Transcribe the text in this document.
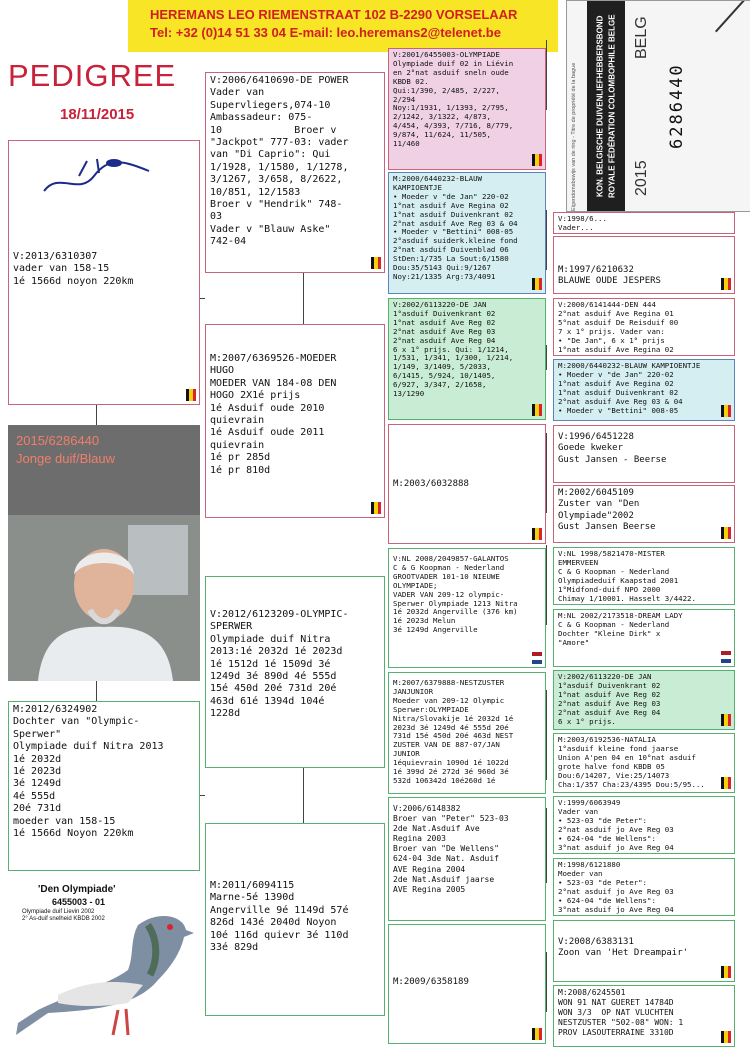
HEREMANS LEO RIEMENSTRAAT 102 B-2290 VORSELAAR
Tel: +32 (0)14 51 33 04 E-mail: leo.heremans2@telenet.be
PEDIGREE
18/11/2015	Eigendomsbewijs van de ring - Titre de propriété de la bague	KON. BELGISCHE DUIVENLIEFHEBBERSBOND ROYALE FÉDÉRATION COLOMBOPHILE BELGE 2015
BELG
6286440
V:2013/6310307
vader van 158-15
1é 1566d noyon 220km
2015/6286440
Jonge duif/Blauw
M:2012/6324902
Dochter van "Olympic-
Sperwer"
Olympiade duif Nitra 2013
1é 2032d
1é 2023d
3é 1249d
4é 555d
20é 731d
moeder van 158-15
1é 1566d Noyon 220km
'Den Olympiade'
6455003 - 01
Olympiade duif Lievin 2002
2° As-duif snelheid KBDB 2002
V:2006/6410690-DE POWER
Vader van
Supervliegers,074-10
Ambassadeur: 075-
10            Broer v
"Jackpot" 777-03: vader
van "Di Caprio": Qui
1/1928, 1/1580, 1/1278,
3/1267, 3/658, 8/2622,
10/851, 12/1583
Broer v "Hendrik" 748-
03
Vader v "Blauw Aske"
742-04
M:2007/6369526-MOEDER
HUGO
MOEDER VAN 184-08 DEN
HOGO 2X1é prijs
1é Asduif oude 2010
quievrain
1é Asduif oude 2011
quievrain
1é pr 285d
1é pr 810d
V:2012/6123209-OLYMPIC-
SPERWER
Olympiade duif Nitra
2013:1é 2032d 1é 2023d
1é 1512d 1é 1509d 3é
1249d 3é 890d 4é 555d
15é 450d 20é 731d 20é
463d 61é 1394d 104é
1228d
M:2011/6094115
Marne-5é 1390d
Angerville 9é 1149d 57é
826d 143é 2040d Noyon
10é 116d quievr 3é 110d
33é 829d
V:2001/6455003-OLYMPIADE
Olympiade duif 02 in Liévin
en 2°nat asduif sneln oude
KBDB 02.
Qui:1/390, 2/485, 2/227,
2/294
Noy:1/1931, 1/1393, 2/795,
2/1242, 3/1322, 4/873,
4/454, 4/393, 7/716, 8/779,
9/874, 11/624, 11/505,
11/460
M:2000/6440232-BLAUW
KAMPIOENTJE
• Moeder v "de Jan" 220-02
1°nat asduif Ave Regina 02
1°nat asduif Duivenkrant 02
2°nat asduif Ave Reg 03 & 04
• Moeder v "Bettini" 008-05
2°asduif suiderk.kleine fond
2°nat asduif Duivenblad 06
StDen:1/735 La Sout:6/1580
Dou:35/5143 Qui:9/1267
Noy:21/1335 Arg:73/4091
V:2002/6113220-DE JAN
1°asduif Duivenkrant 02
1°nat asduif Ave Reg 02
2°nat asduif Ave Reg 03
2°nat asduif Ave Reg 04
6 x 1° prijs. Qui: 1/1214,
1/531, 1/341, 1/300, 1/214,
1/149, 3/1409, 5/2033,
6/1415, 5/924, 10/1405,
6/927, 3/347, 2/1658,
13/1290
M:2003/6032888
V:NL 2008/2049857-GALANTOS
C & G Koopman - Nederland
GROOTVADER 101-10 NIEUWE
OLYMPIADE;
VADER VAN 209-12 olympic-
Sperwer Olympiade 1213 Nitra
1é 2032d Angerville (376 km)
1é 2023d Melun
3é 1249d Angerville
M:2007/6379888-NESTZUSTER
JANJUNIOR
Moeder van 209-12 Olympic
Sperwer:OLYMPIADE
Nitra/Slovakije 1é 2032d 1é
2023d 3é 1249d 4é 555d 20é
731d 15é 450d 20é 463d NEST
ZUSTER VAN DE 887-07/JAN
JUNIOR
1équievrain 1090d 1é 1022d
1é 399d 2é 272d 3é 960d 3é
532d 106342d 10é260d 1é
V:2006/6148382
Broer van "Peter" 523-03
2de Nat.Asduif Ave
Regina 2003
Broer van "De Wellens"
624-04 3de Nat. Asduif
AVE Regina 2004
2de Nat.Asduif jaarse
AVE Regina 2005
M:2009/6358189
V:1998/6...
Vader...
M:1997/6210632
BLAUWE OUDE JESPERS
V:2000/6141444-DEN 444
2°nat asduif Ave Regina 01
5°nat asduif De Reisduif 00
7 x 1° prijs. Vader van:
• "De Jan", 6 x 1° prijs
1°nat asduif Ave Regina 02
M:2000/6440232-BLAUW KAMPIOENTJE
• Moeder v "de Jan" 220-02
1°nat asduif Ave Regina 02
1°nat asduif Duivenkrant 02
2°nat asduif Ave Reg 03 & 04
• Moeder v "Bettini" 008-05
V:1996/6451228
Goede kweker
Gust Jansen - Beerse
M:2002/6045109
Zuster van "Den
Olympiade"2002
Gust Jansen Beerse
V:NL 1998/5821470-MISTER
EMMERVEEN
C & G Koopman - Nederland
Olympiadeduif Kaapstad 2001
1°Midfond-duif NPO 2000
Chimay 1/10001. Hasselt 3/4422.
M:NL 2002/2173518-DREAM LADY
C & G Koopman - Nederland
Dochter "Kleine Dirk" x
"Amore"
V:2002/6113220-DE JAN
1°asduif Duivenkrant 02
1°nat asduif Ave Reg 02
2°nat asduif Ave Reg 03
2°nat asduif Ave Reg 04
6 x 1° prijs.
M:2003/6192536-NATALIA
1°asduif kleine fond jaarse
Union A'pen 04 en 10°nat asduif
grote halve fond KBDB 05
Dou:6/14207, Vie:25/14073
Cha:1/357 Cha:23/4395 Dou:5/95...
V:1999/6063949
Vader van
• 523-03 "de Peter":
2°nat asduif jo Ave Reg 03
• 624-04 "de Wellens":
3°nat asduif jo Ave Reg 04
M:1998/6121880
Moeder van
• 523-03 "de Peter":
2°nat asduif jo Ave Reg 03
• 624-04 "de Wellens":
3°nat asduif jo Ave Reg 04
V:2008/6383131
Zoon van 'Het Dreampair'
M:2008/6245501
WON 91 NAT GUERET 14784D
WON 3/3  OP NAT VLUCHTEN
NESTZUSTER "502-08" WON: 1
PROV LASOUTERRAINE 3310D
